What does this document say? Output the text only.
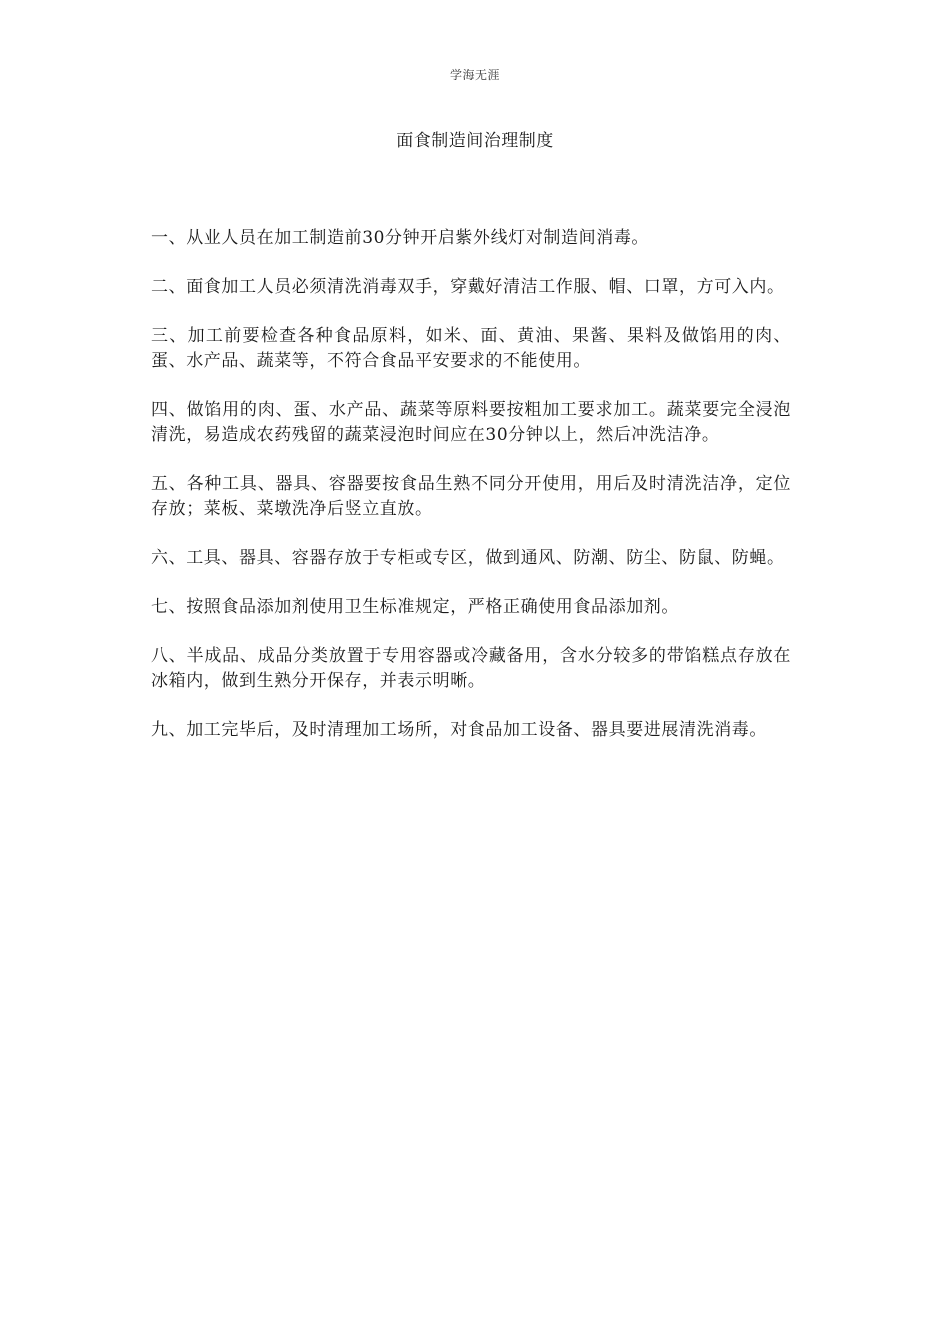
学海无涯
面食制造间治理制度

一、从业人员在加工制造前30分钟开启紫外线灯对制造间消毒。

二、面食加工人员必须清洗消毒双手，穿戴好清洁工作服、帽、口罩，方可入内。

三、加工前要检查各种食品原料，如米、面、黄油、果酱、果料及做馅用的肉、蛋、水产品、蔬菜等，不符合食品平安要求的不能使用。

四、做馅用的肉、蛋、水产品、蔬菜等原料要按粗加工要求加工。蔬菜要完全浸泡清洗，易造成农药残留的蔬菜浸泡时间应在30分钟以上，然后冲洗洁净。

五、各种工具、器具、容器要按食品生熟不同分开使用，用后及时清洗洁净，定位存放；菜板、菜墩洗净后竖立直放。

六、工具、器具、容器存放于专柜或专区，做到通风、防潮、防尘、防鼠、防蝇。

七、按照食品添加剂使用卫生标准规定，严格正确使用食品添加剂。

八、半成品、成品分类放置于专用容器或冷藏备用，含水分较多的带馅糕点存放在冰箱内，做到生熟分开保存，并表示明晰。

九、加工完毕后，及时清理加工场所，对食品加工设备、器具要进展清洗消毒。
